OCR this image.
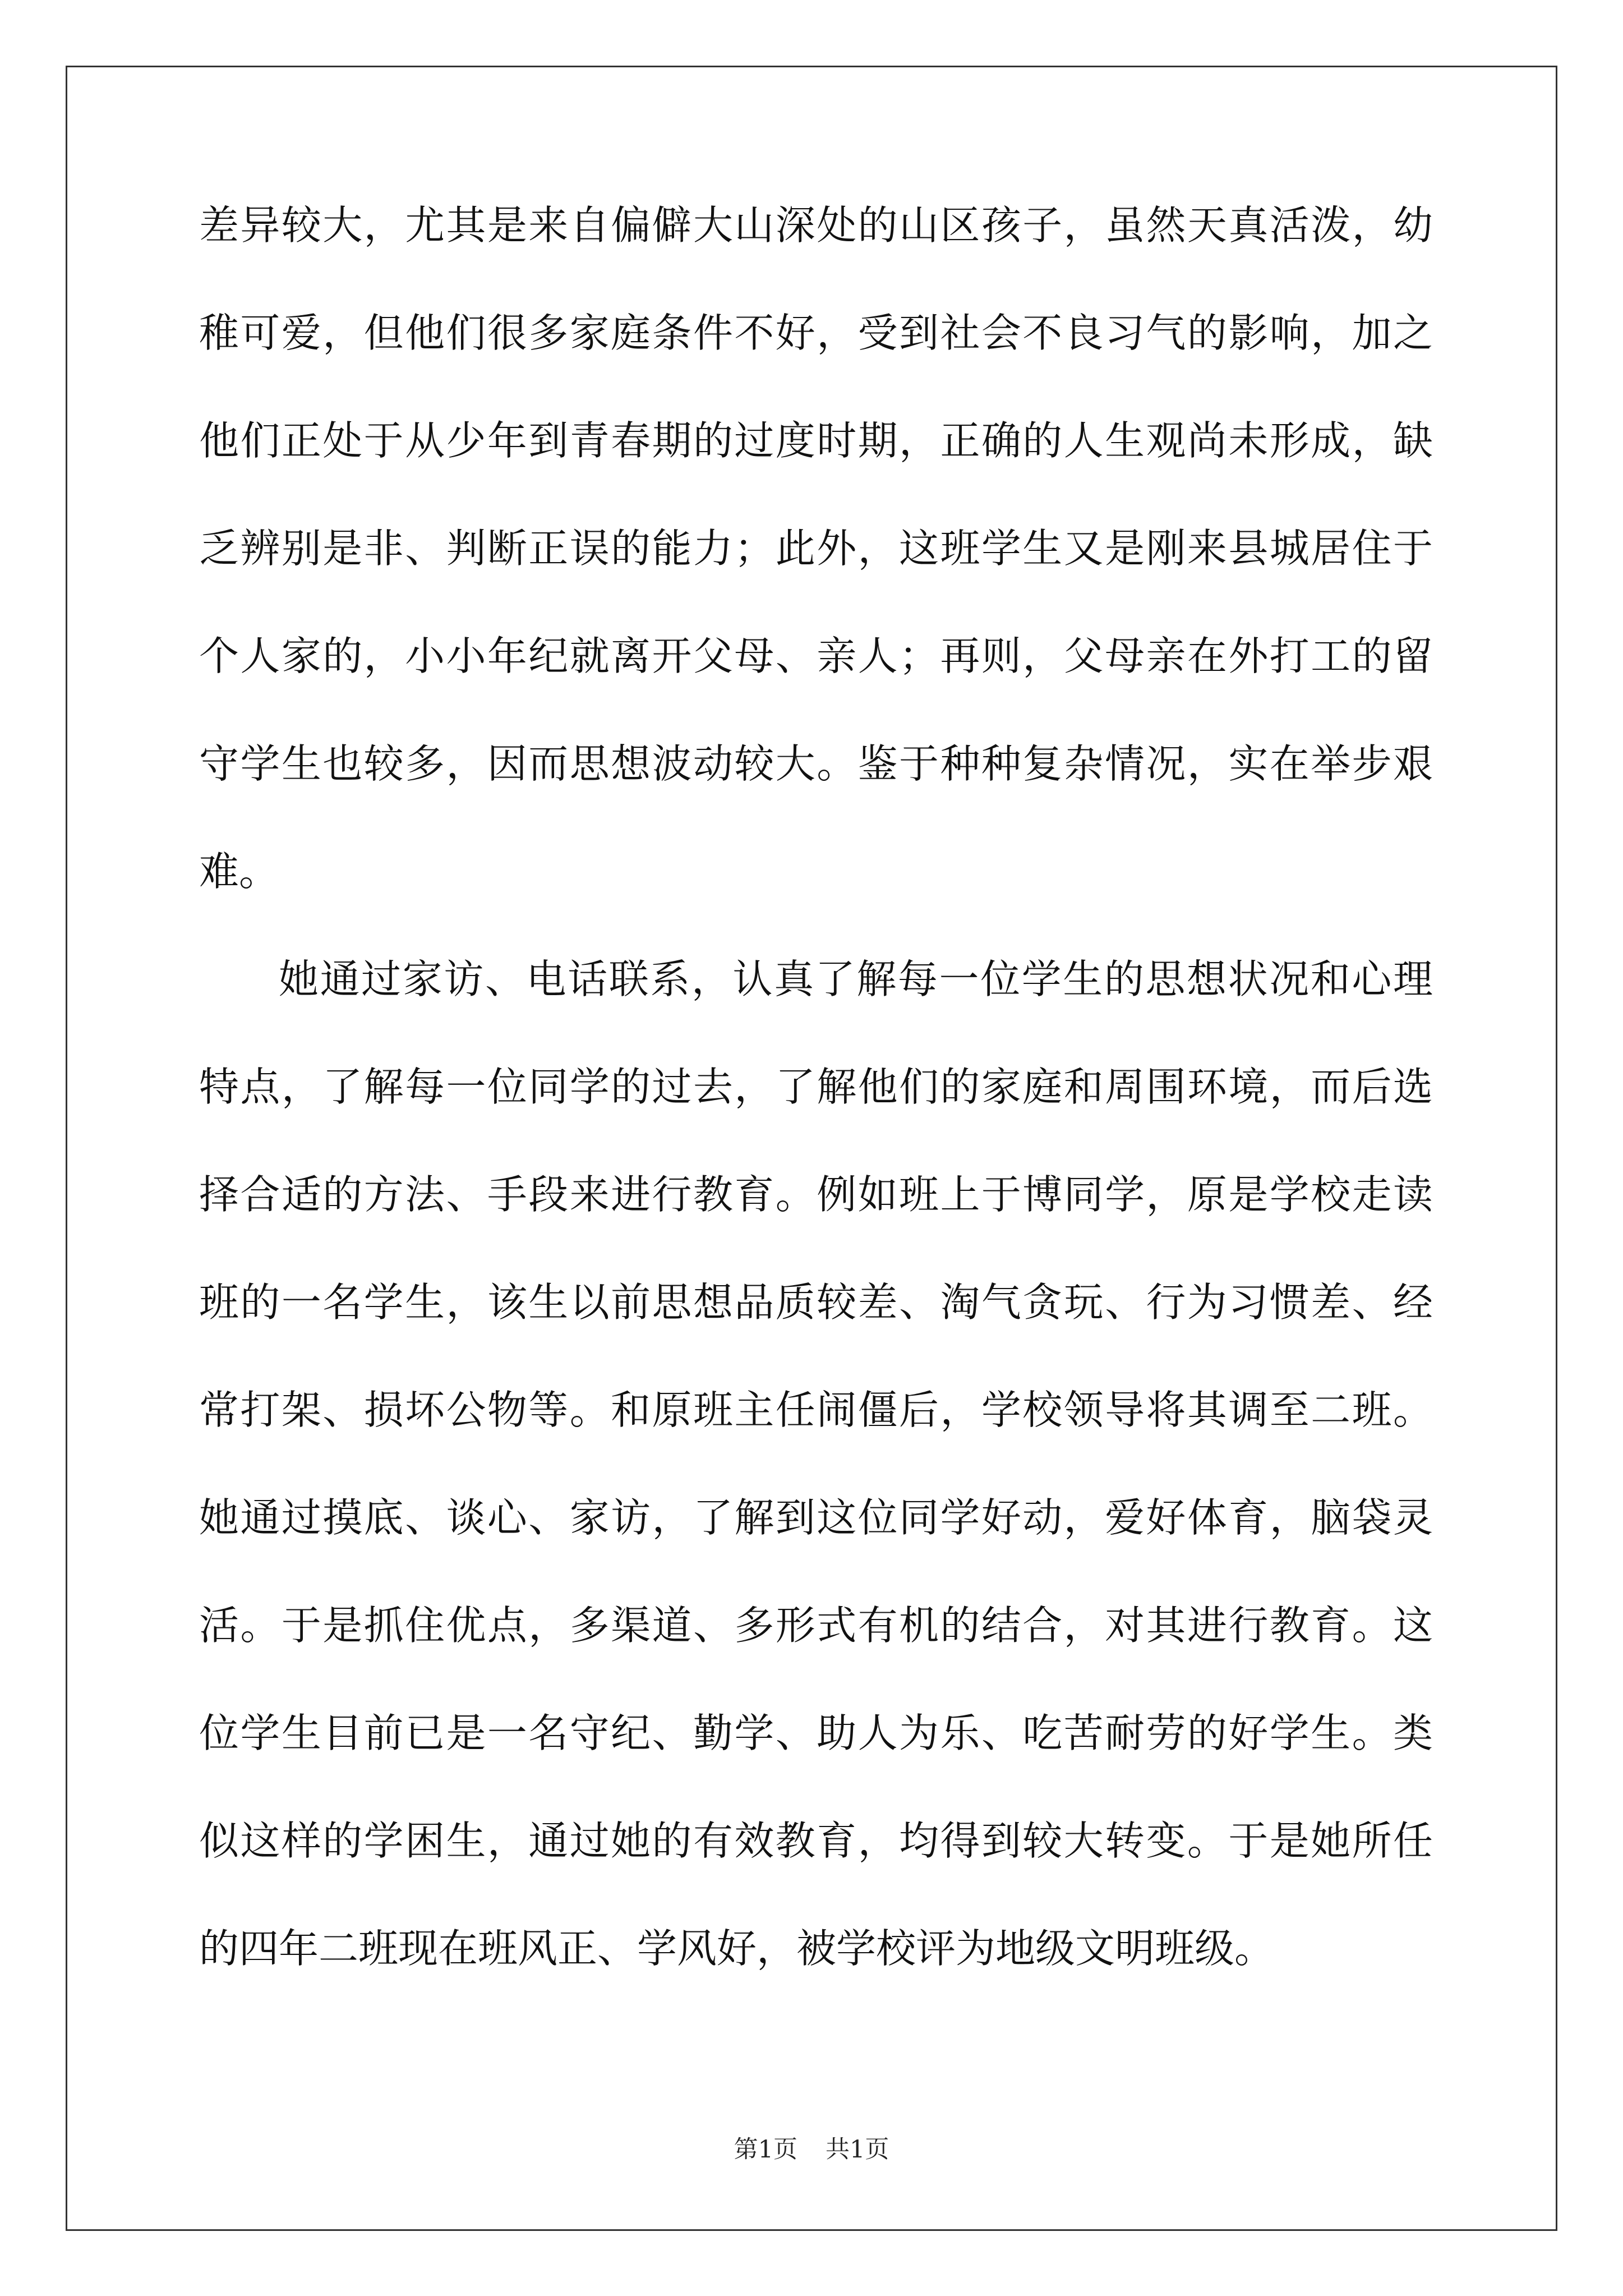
差异较大，尤其是来自偏僻大山深处的山区孩子，虽然天真活泼，幼
稚可爱，但他们很多家庭条件不好，受到社会不良习气的影响，加之
他们正处于从少年到青春期的过度时期，正确的人生观尚未形成，缺
乏辨别是非、判断正误的能力；此外，这班学生又是刚来县城居住于
个人家的，小小年纪就离开父母、亲人；再则，父母亲在外打工的留
守学生也较多，因而思想波动较大。鉴于种种复杂情况，实在举步艰
难。
她通过家访、电话联系，认真了解每一位学生的思想状况和心理
特点，了解每一位同学的过去，了解他们的家庭和周围环境，而后选
择合适的方法、手段来进行教育。例如班上于博同学，原是学校走读
班的一名学生，该生以前思想品质较差、淘气贪玩、行为习惯差、经
常打架、损坏公物等。和原班主任闹僵后，学校领导将其调至二班。
她通过摸底、谈心、家访，了解到这位同学好动，爱好体育，脑袋灵
活。于是抓住优点，多渠道、多形式有机的结合，对其进行教育。这
位学生目前已是一名守纪、勤学、助人为乐、吃苦耐劳的好学生。类
似这样的学困生，通过她的有效教育，均得到较大转变。于是她所任
的四年二班现在班风正、学风好，被学校评为地级文明班级。
第1页 共1页
